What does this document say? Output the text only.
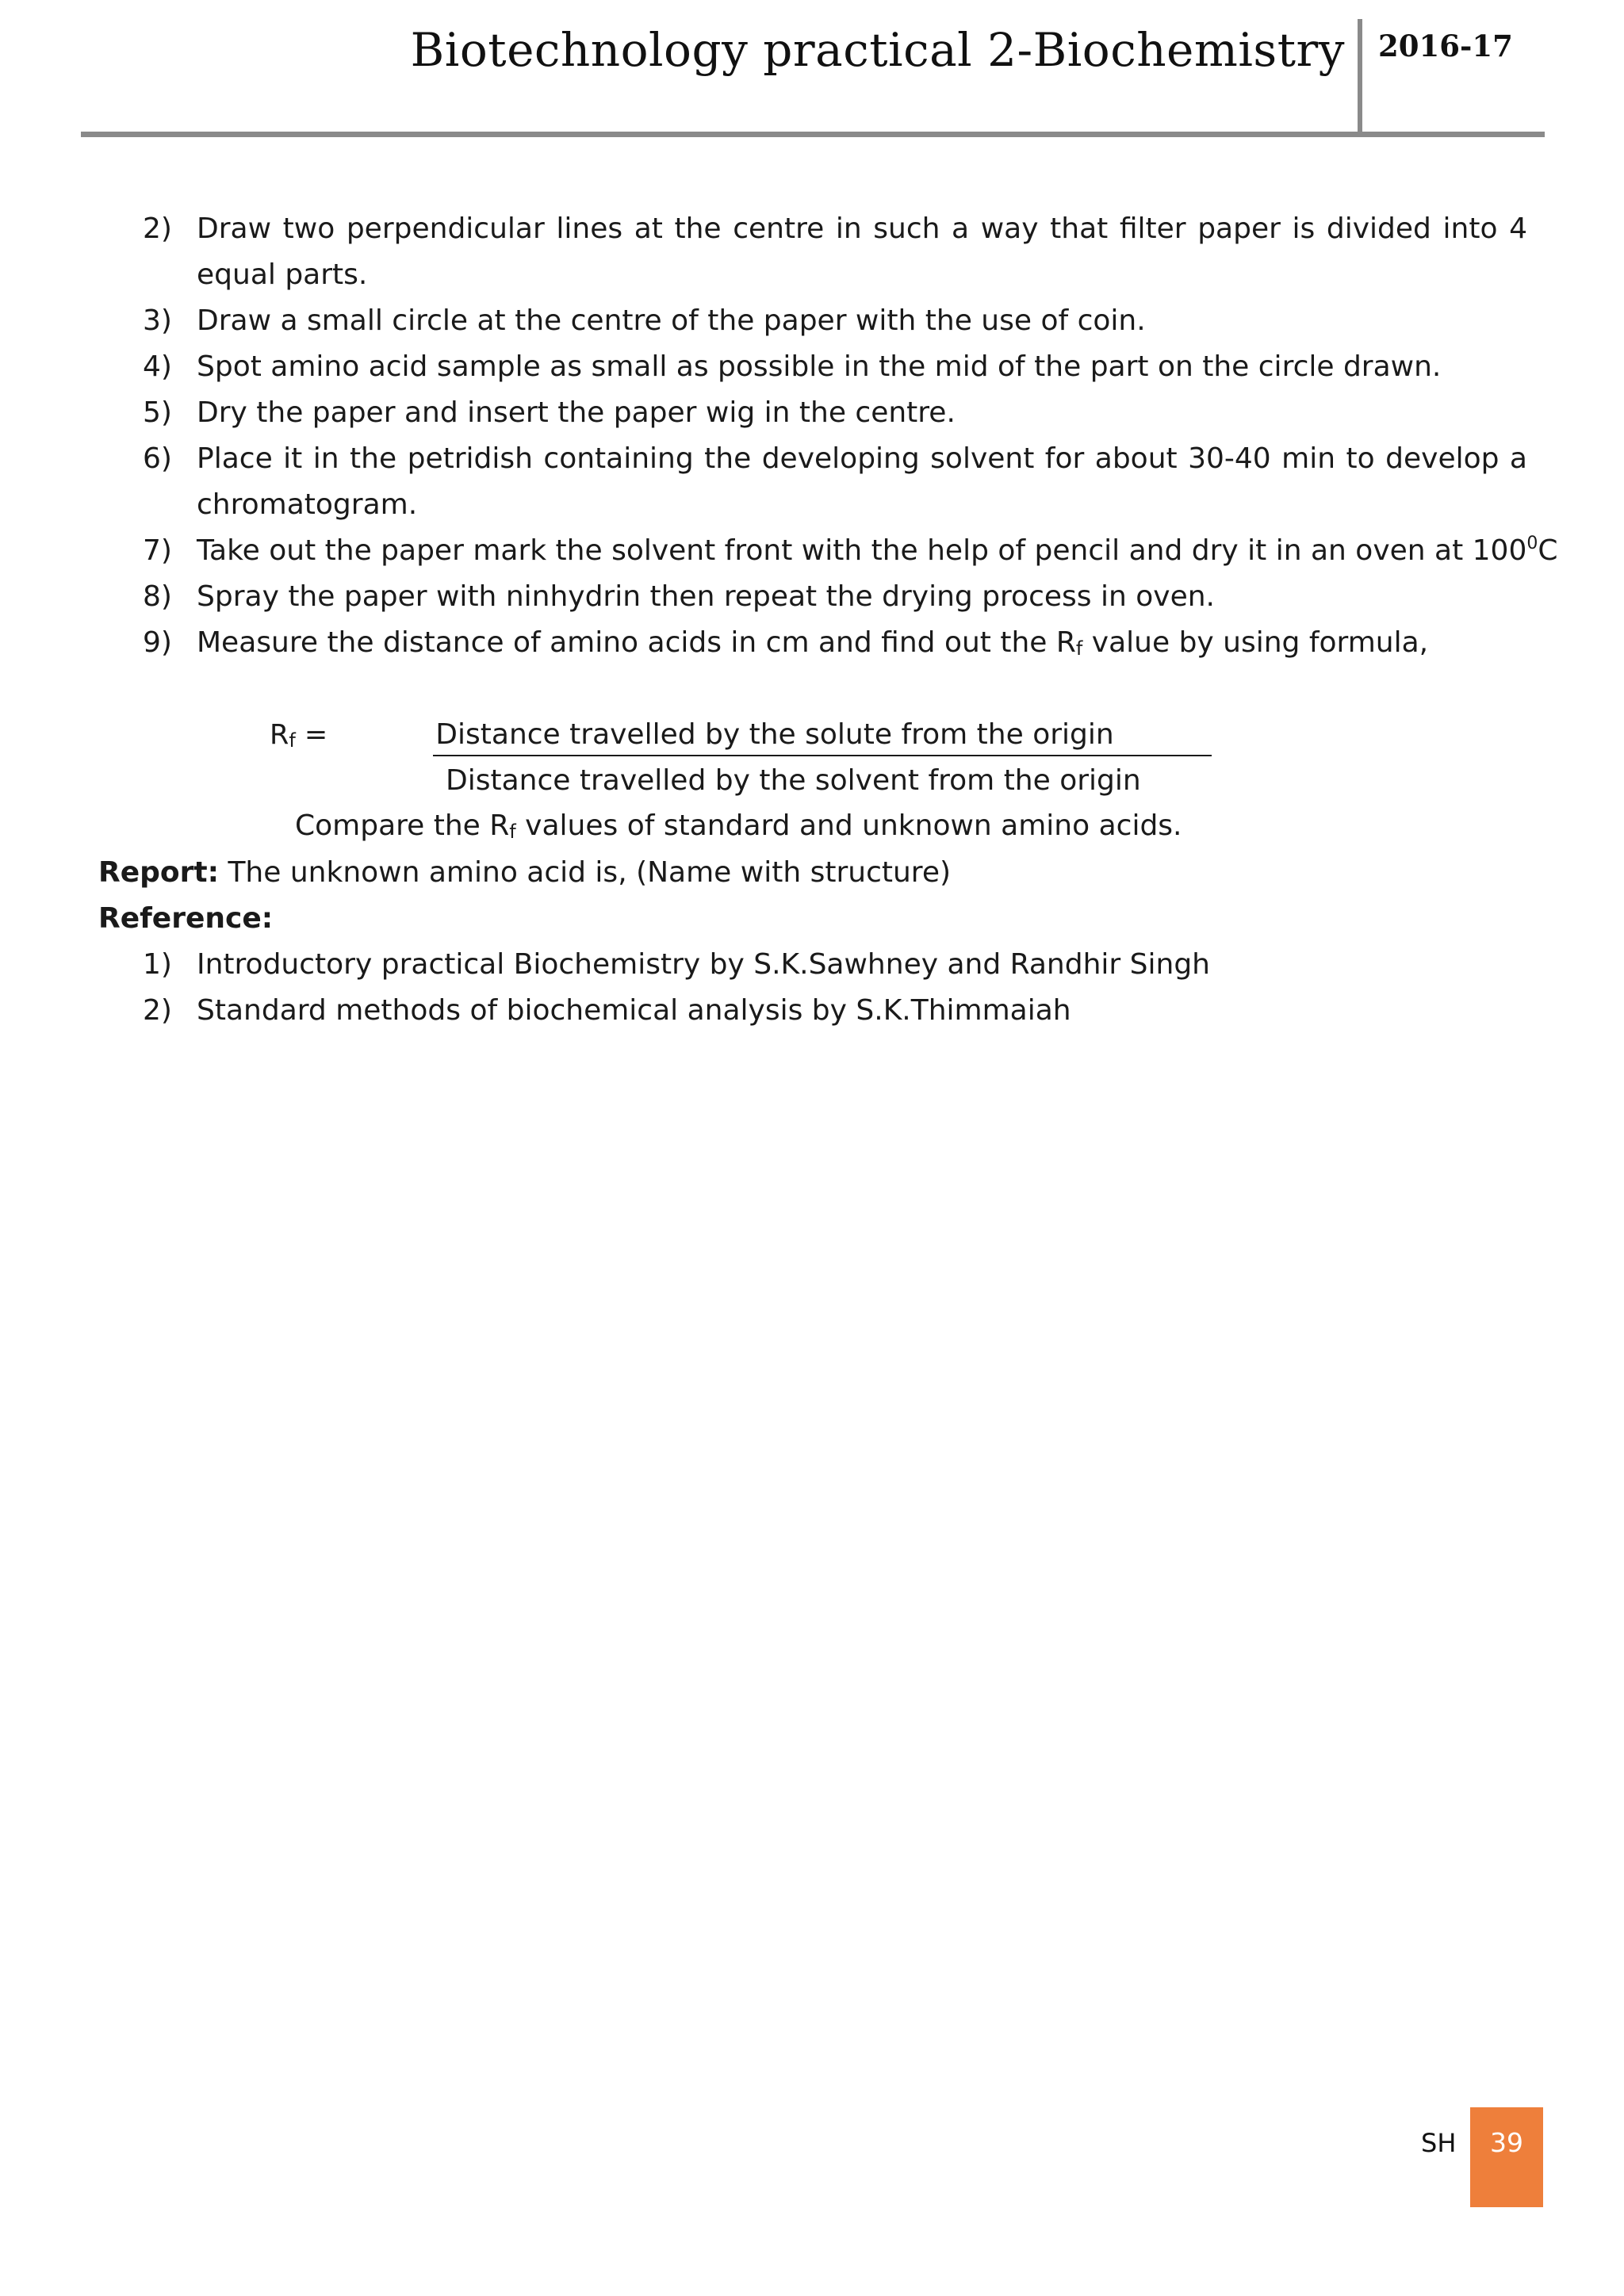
Biotechnology practical 2-Biochemistry 2016-17
2) Draw two perpendicular lines at the centre in such a way that filter paper is divided into 4 equal parts.
3) Draw a small circle at the centre of the paper with the use of coin.
4) Spot amino acid sample as small as possible in the mid of the part on the circle drawn.
5) Dry the paper and insert the paper wig in the centre.
6) Place it in the petridish containing the developing solvent for about 30-40 min to develop a chromatogram.
7) Take out the paper mark the solvent front with the help of pencil and dry it in an oven at $100^0C$
8) Spray the paper with ninhydrin then repeat the drying process in oven.
9) Measure the distance of amino acids in cm and find out the $R_f$ value by using formula,
$R_f$ =	Distance travelled by the solute from the origin
Distance travelled by the solvent from the origin
Compare the $R_f$ values of standard and unknown amino acids.
Report: The unknown amino acid is, (Name with structure)
Reference:
1) Introductory practical Biochemistry by S.K.Sawhney and Randhir Singh
2) Standard methods of biochemical analysis by S.K.Thimmaiah
SH	39
